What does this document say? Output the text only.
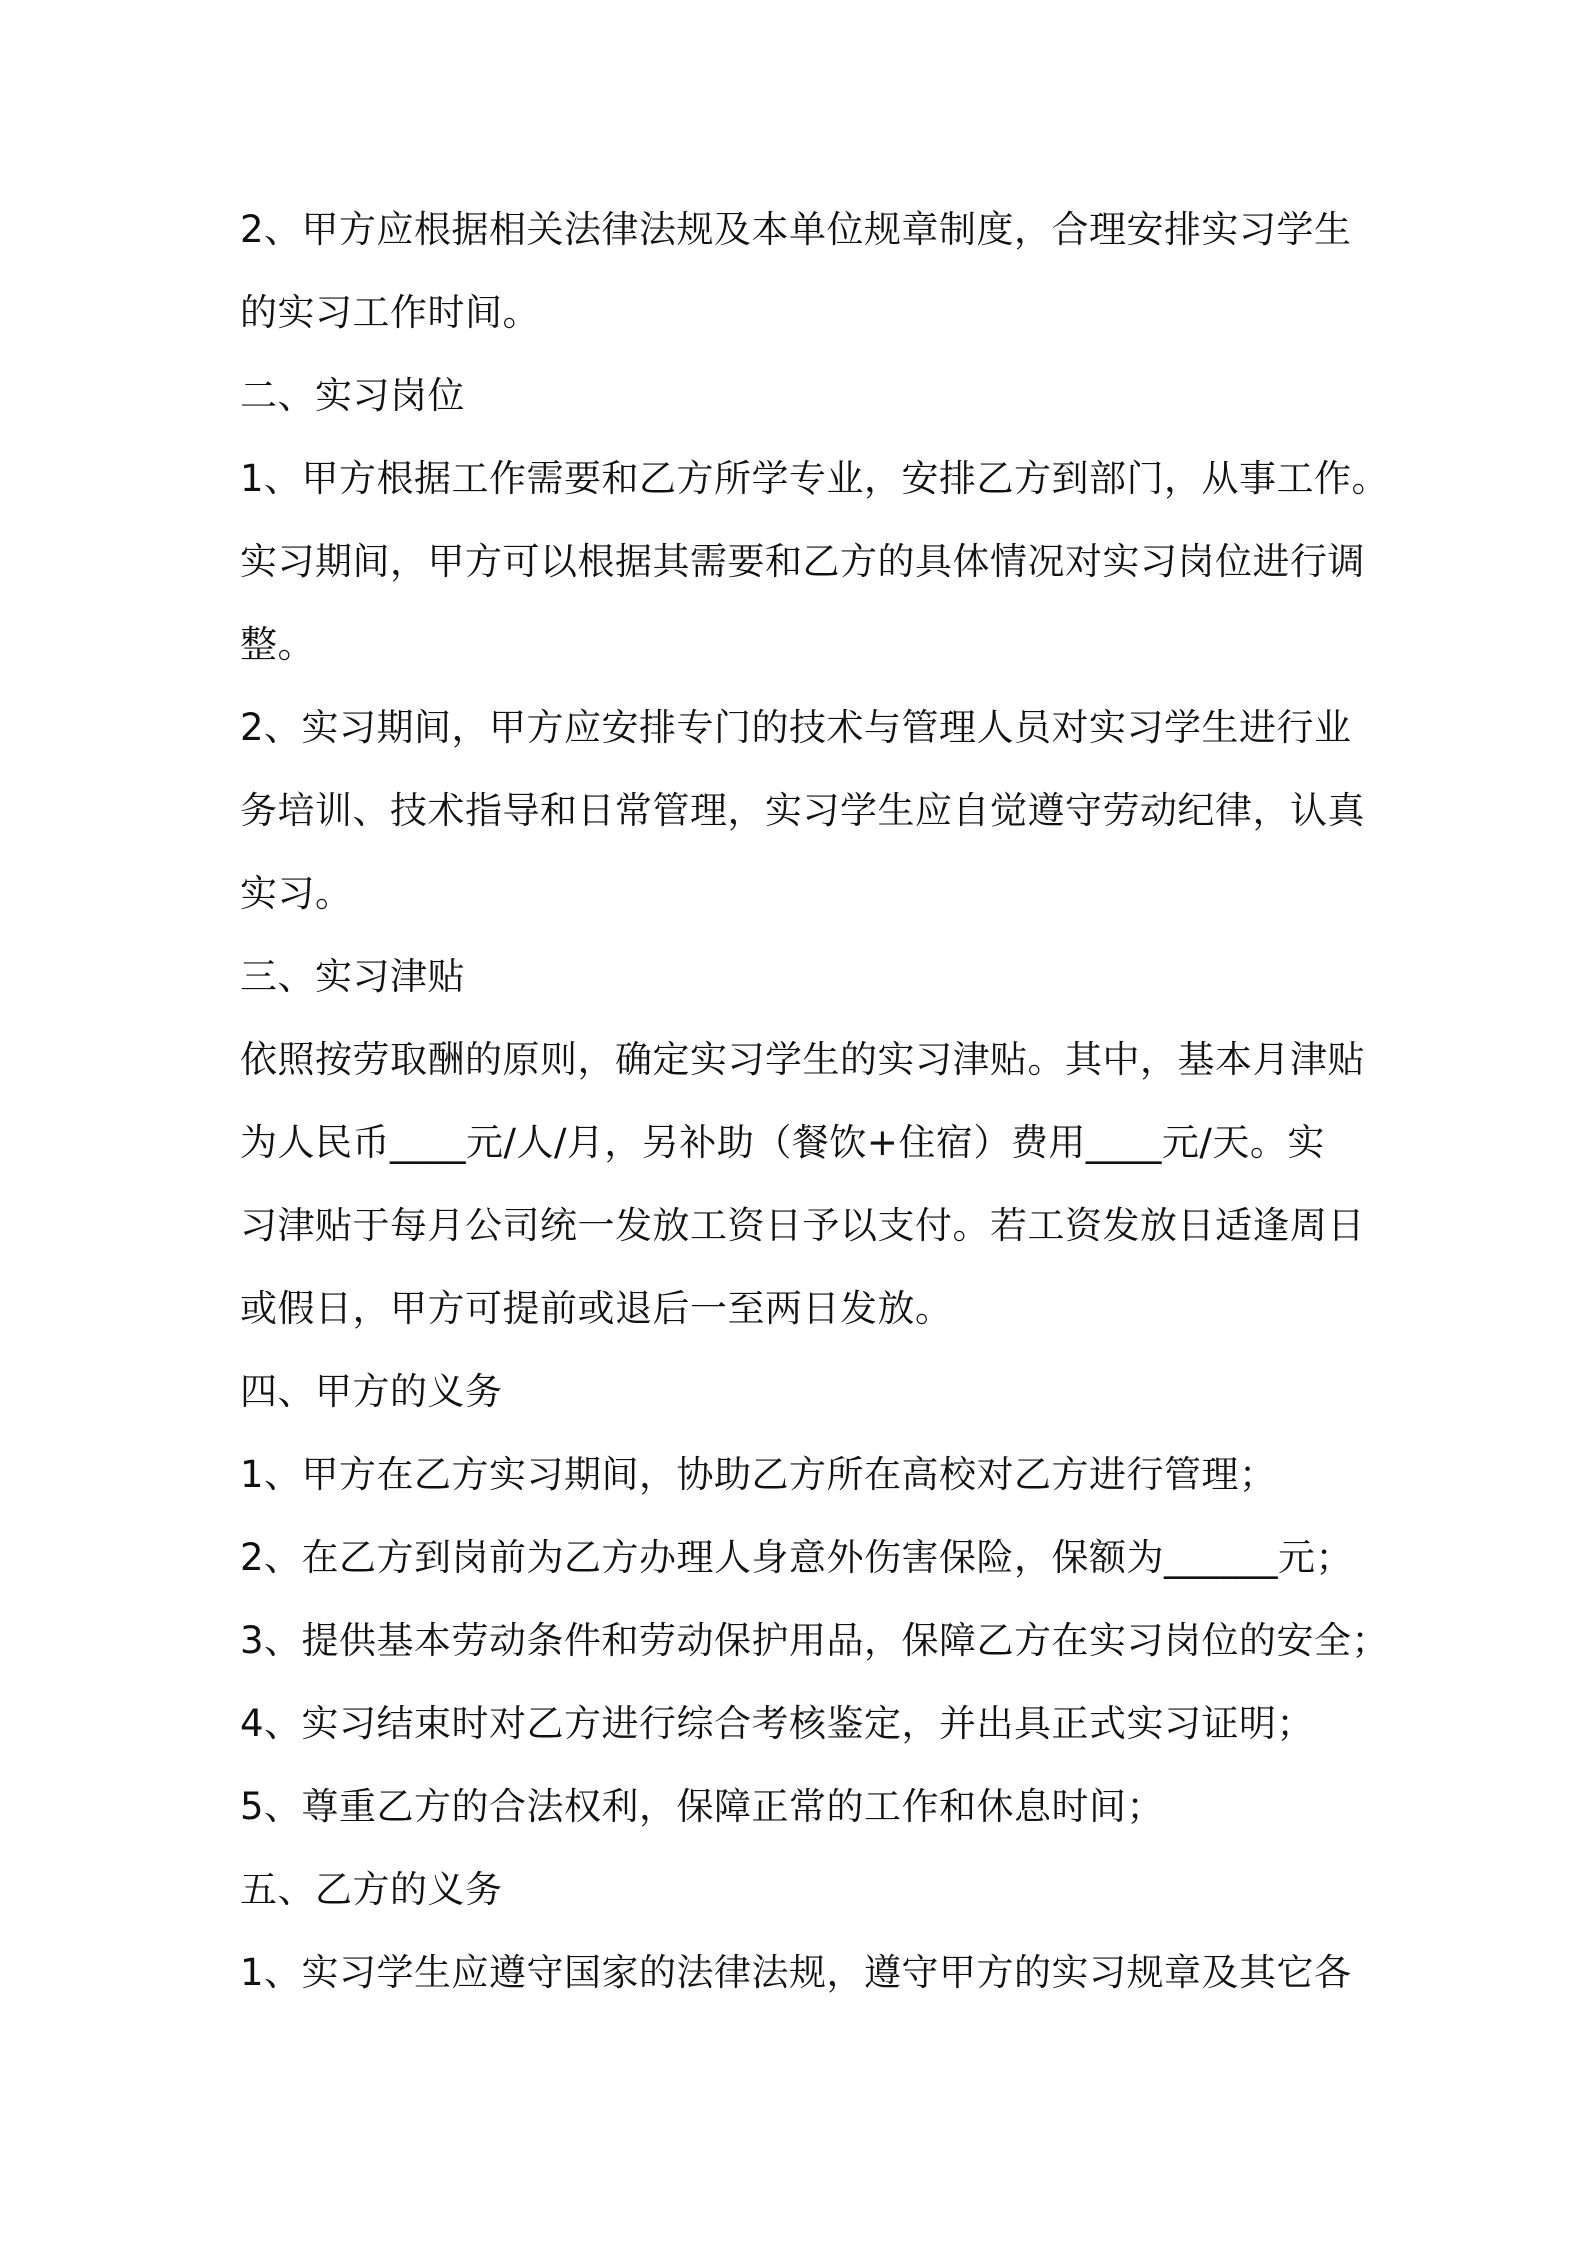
2、甲方应根据相关法律法规及本单位规章制度，合理安排实习学生

的实习工作时间。

二、实习岗位

1、甲方根据工作需要和乙方所学专业，安排乙方到部门，从事工作。

实习期间，甲方可以根据其需要和乙方的具体情况对实习岗位进行调

整。

2、实习期间，甲方应安排专门的技术与管理人员对实习学生进行业

务培训、技术指导和日常管理，实习学生应自觉遵守劳动纪律，认真

实习。

三、实习津贴

依照按劳取酬的原则，确定实习学生的实习津贴。其中，基本月津贴

为人民币____元/人/月，另补助（餐饮+住宿）费用____元/天。实

习津贴于每月公司统一发放工资日予以支付。若工资发放日适逢周日

或假日，甲方可提前或退后一至两日发放。

四、甲方的义务

1、甲方在乙方实习期间，协助乙方所在高校对乙方进行管理；

2、在乙方到岗前为乙方办理人身意外伤害保险，保额为______元；

3、提供基本劳动条件和劳动保护用品，保障乙方在实习岗位的安全；

4、实习结束时对乙方进行综合考核鉴定，并出具正式实习证明；

5、尊重乙方的合法权利，保障正常的工作和休息时间；

五、乙方的义务

1、实习学生应遵守国家的法律法规，遵守甲方的实习规章及其它各
